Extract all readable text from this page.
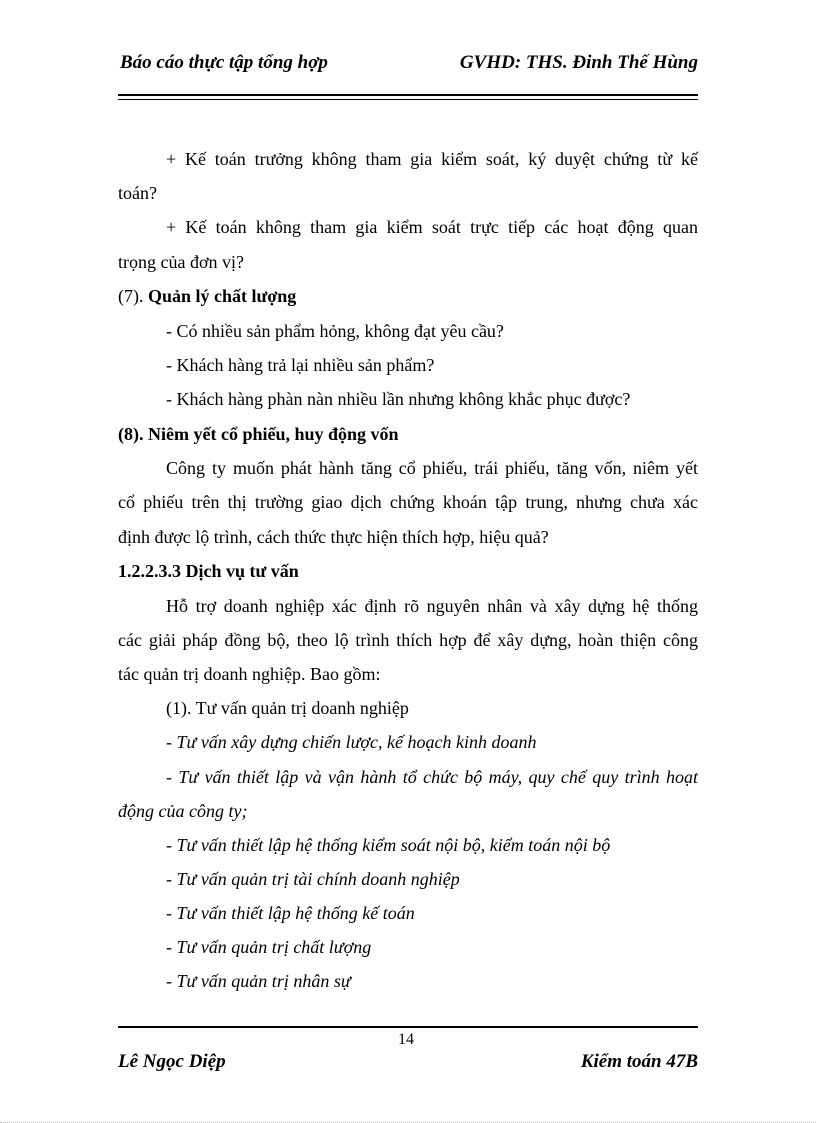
Báo cáo thực tập tổng hợp	GVHD: THS. Đinh Thế Hùng
+ Kế toán trưởng không tham gia kiểm soát, ký duyệt chứng từ kế
toán?
+ Kế toán không tham gia kiểm soát trực tiếp các hoạt động quan
trọng của đơn vị?
(7). Quản lý chất lượng
- Có nhiều sản phẩm hỏng, không đạt yêu cầu?
- Khách hàng trả lại nhiều sản phẩm?
- Khách hàng phàn nàn nhiều lần nhưng không khắc phục được?
(8). Niêm yết cổ phiếu, huy động vốn
Công ty muốn phát hành tăng cổ phiếu, trái phiếu, tăng vốn, niêm yết
cổ phiếu trên thị trường giao dịch chứng khoán tập trung, nhưng chưa xác
định được lộ trình, cách thức thực hiện thích hợp, hiệu quả?
1.2.2.3.3 Dịch vụ tư vấn
Hỗ trợ doanh nghiệp xác định rõ nguyên nhân và xây dựng hệ thống
các giải pháp đồng bộ, theo lộ trình thích hợp để xây dựng, hoàn thiện công
tác quản trị doanh nghiệp. Bao gồm:
(1). Tư vấn quản trị doanh nghiệp
- Tư vấn xây dựng chiến lược, kế hoạch kinh doanh
- Tư vấn thiết lập và vận hành tổ chức bộ máy, quy chế quy trình hoạt
động của công ty;
- Tư vấn thiết lập hệ thống kiểm soát nội bộ, kiểm toán nội bộ
- Tư vấn quản trị tài chính doanh nghiệp
- Tư vấn thiết lập hệ thống kế toán
- Tư vấn quản trị chất lượng
- Tư vấn quản trị nhân sự
14
Lê Ngọc Diệp	Kiểm toán 47B
